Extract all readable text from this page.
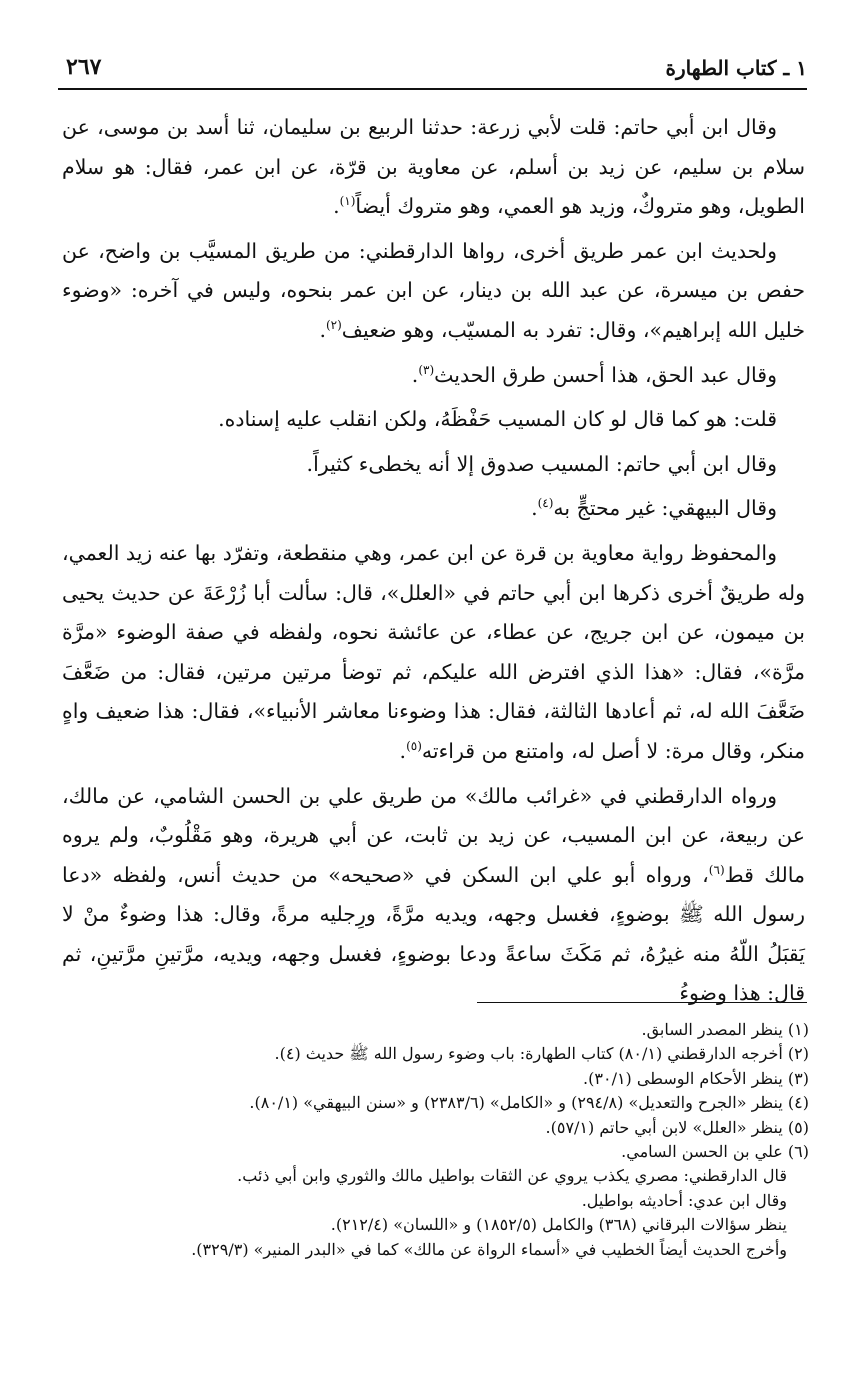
١ ـ كتاب الطهارة
٢٦٧

وقال ابن أبي حاتم: قلت لأبي زرعة: حدثنا الربيع بن سليمان، ثنا أسد بن موسى، عن سلام بن سليم، عن زيد بن أسلم، عن معاوية بن قرّة، عن ابن عمر، فقال: هو سلام الطويل، وهو متروكٌ، وزيد هو العمي، وهو متروك أيضاً$^{(١)}$.

ولحديث ابن عمر طريق أخرى، رواها الدارقطني: من طريق المسيَّب بن واضح، عن حفص بن ميسرة، عن عبد الله بن دينار، عن ابن عمر بنحوه، وليس في آخره: «وضوء خليل الله إبراهيم»، وقال: تفرد به المسيّب، وهو ضعيف$^{(٢)}$.

وقال عبد الحق، هذا أحسن طرق الحديث$^{(٣)}$.

قلت: هو كما قال لو كان المسيب حَفْظَهُ، ولكن انقلب عليه إسناده.

وقال ابن أبي حاتم: المسيب صدوق إلا أنه يخطىء كثيراً.

وقال البيهقي: غير محتجٍّ به$^{(٤)}$.

والمحفوظ رواية معاوية بن قرة عن ابن عمر، وهي منقطعة، وتفرّد بها عنه زيد العمي، وله طريقٌ أخرى ذكرها ابن أبي حاتم في «العلل»، قال: سألت أبا زُرْعَةَ عن حديث يحيى بن ميمون، عن ابن جريج، عن عطاء، عن عائشة نحوه، ولفظه في صفة الوضوء «مرَّة مرَّة»، فقال: «هذا الذي افترض الله عليكم، ثم توضأ مرتين مرتين، فقال: من ضَعَّفَ ضَعَّفَ الله له، ثم أعادها الثالثة، فقال: هذا وضوءنا معاشر الأنبياء»، فقال: هذا ضعيف واهٍ منكر، وقال مرة: لا أصل له، وامتنع من قراءته$^{(٥)}$.

ورواه الدارقطني في «غرائب مالك» من طريق علي بن الحسن الشامي، عن مالك، عن ربيعة، عن ابن المسيب، عن زيد بن ثابت، عن أبي هريرة، وهو مَقْلُوبٌ، ولم يروه مالك قط$^{(٦)}$، ورواه أبو علي ابن السكن في «صحيحه» من حديث أنس، ولفظه «دعا رسول الله ﷺ بوضوءٍ، فغسل وجهه، ويديه مرَّةً، ورِجليه مرةً، وقال: هذا وضوءٌ منْ لا يَقبَلُ اللّهُ منه غيرُهُ، ثم مَكَثَ ساعةً ودعا بوضوءٍ، فغسل وجهه، ويديه، مرَّتينِ مرَّتينِ، ثم قال: هذا وضوءُ

(١) ينظر المصدر السابق.

(٢) أخرجه الدارقطني (٨٠/١) كتاب الطهارة: باب وضوء رسول الله ﷺ حديث (٤).

(٣) ينظر الأحكام الوسطى (٣٠/١).

(٤) ينظر «الجرح والتعديل» (٢٩٤/٨) و «الكامل» (٢٣٨٣/٦) و «سنن البيهقي» (٨٠/١).

(٥) ينظر «العلل» لابن أبي حاتم (٥٧/١).

(٦) علي بن الحسن السامي.

قال الدارقطني: مصري يكذب يروي عن الثقات بواطيل مالك والثوري وابن أبي ذئب.

وقال ابن عدي: أحاديثه بواطيل.

ينظر سؤالات البرقاني (٣٦٨) والكامل (١٨٥٢/٥) و «اللسان» (٢١٢/٤).

وأخرج الحديث أيضاً الخطيب في «أسماء الرواة عن مالك» كما في «البدر المنير» (٣٢٩/٣).
